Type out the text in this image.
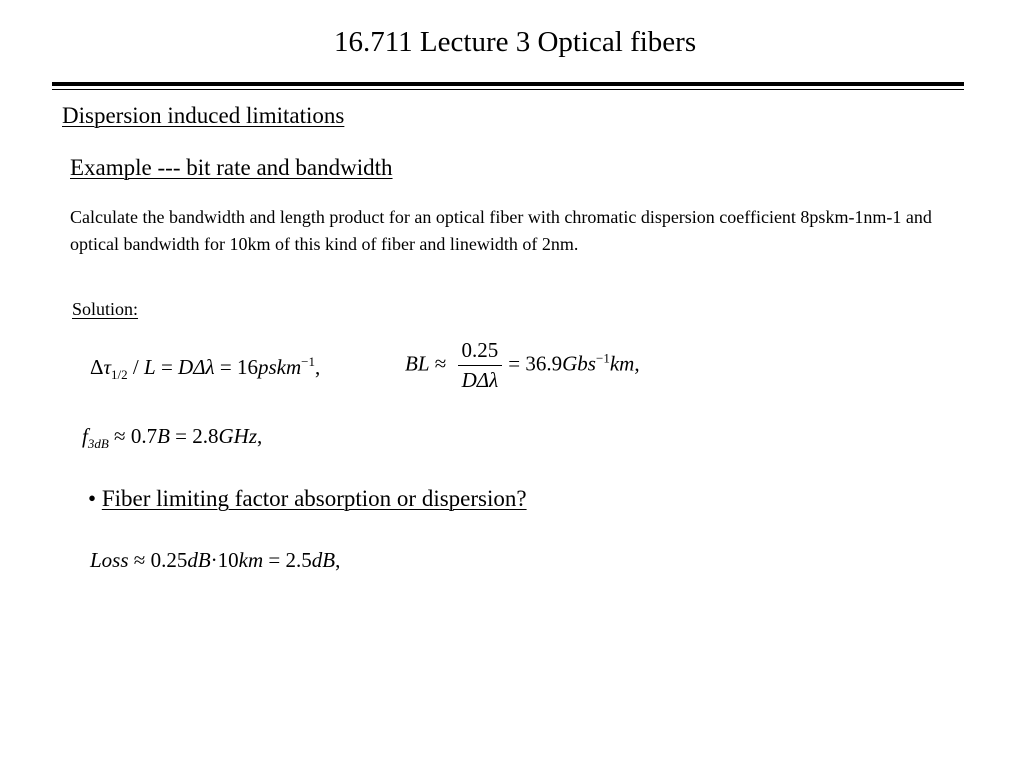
16.711 Lecture 3 Optical fibers
Dispersion induced limitations
Example --- bit rate and bandwidth
Calculate the bandwidth and length product for an optical fiber with chromatic dispersion coefficient 8pskm-1nm-1 and optical bandwidth for 10km of this kind of fiber and linewidth of 2nm.
Solution:
$\Delta\tau_{1/2} / L = D\Delta\lambda$ = 16pskm$^{-1}$,	BL ≈ $\frac{0.25}{\text{DΔλ}} = 36.9Gbs^{-1}km$,
$f_{3dB} \approx 0.7B = 2.8GHz$,
• Fiber limiting factor absorption or dispersion?
Loss ≈ 0.25dB·10km = 2.5dB,
